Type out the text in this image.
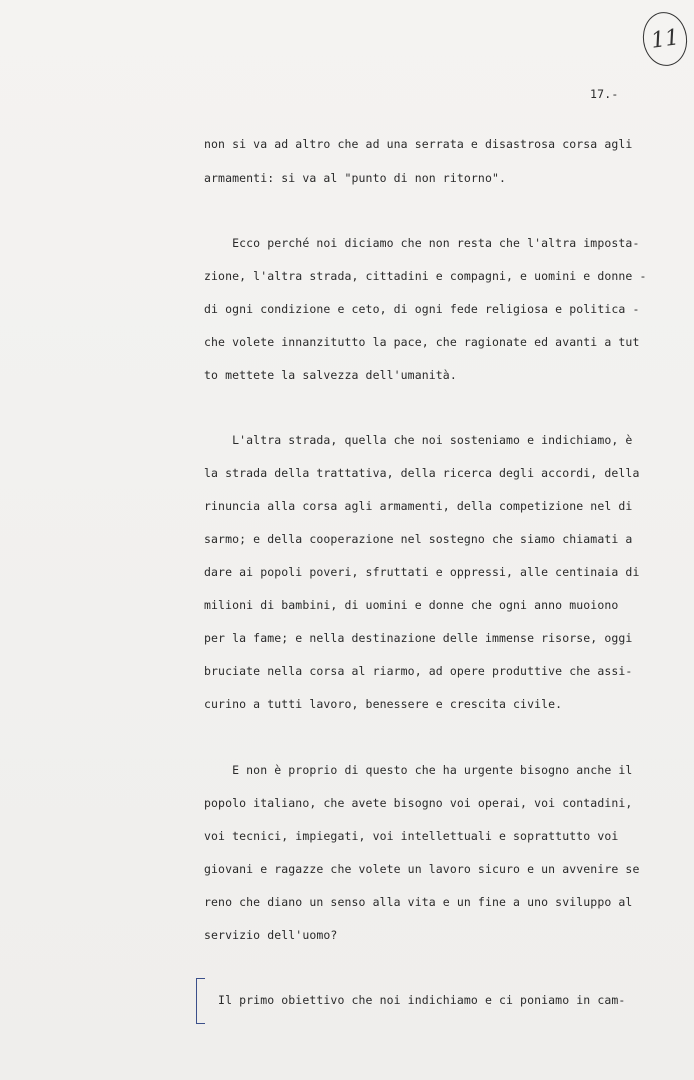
11
17.-
non si va ad altro che ad una serrata e disastrosa corsa agli
armamenti: si va al "punto di non ritorno".
Ecco perché noi diciamo che non resta che l'altra imposta-
zione, l'altra strada, cittadini e compagni, e uomini e donne -
di ogni condizione e ceto, di ogni fede religiosa e politica -
che volete innanzitutto la pace, che ragionate ed avanti a tut
to mettete la salvezza dell'umanità.
L'altra strada, quella che noi sosteniamo e indichiamo, è
la strada della trattativa, della ricerca degli accordi, della
rinuncia alla corsa agli armamenti, della competizione nel di
sarmo; e della cooperazione nel sostegno che siamo chiamati a
dare ai popoli poveri, sfruttati e oppressi, alle centinaia di
milioni di bambini, di uomini e donne che ogni anno muoiono
per la fame; e nella destinazione delle immense risorse, oggi
bruciate nella corsa al riarmo, ad opere produttive che assi-
curino a tutti lavoro, benessere e crescita civile.
E non è proprio di questo che ha urgente bisogno anche il
popolo italiano, che avete bisogno voi operai, voi contadini,
voi tecnici, impiegati, voi intellettuali e soprattutto voi
giovani e ragazze che volete un lavoro sicuro e un avvenire se
reno che diano un senso alla vita e un fine a uno sviluppo al
servizio dell'uomo?
Il primo obiettivo che noi indichiamo e ci poniamo in cam-
